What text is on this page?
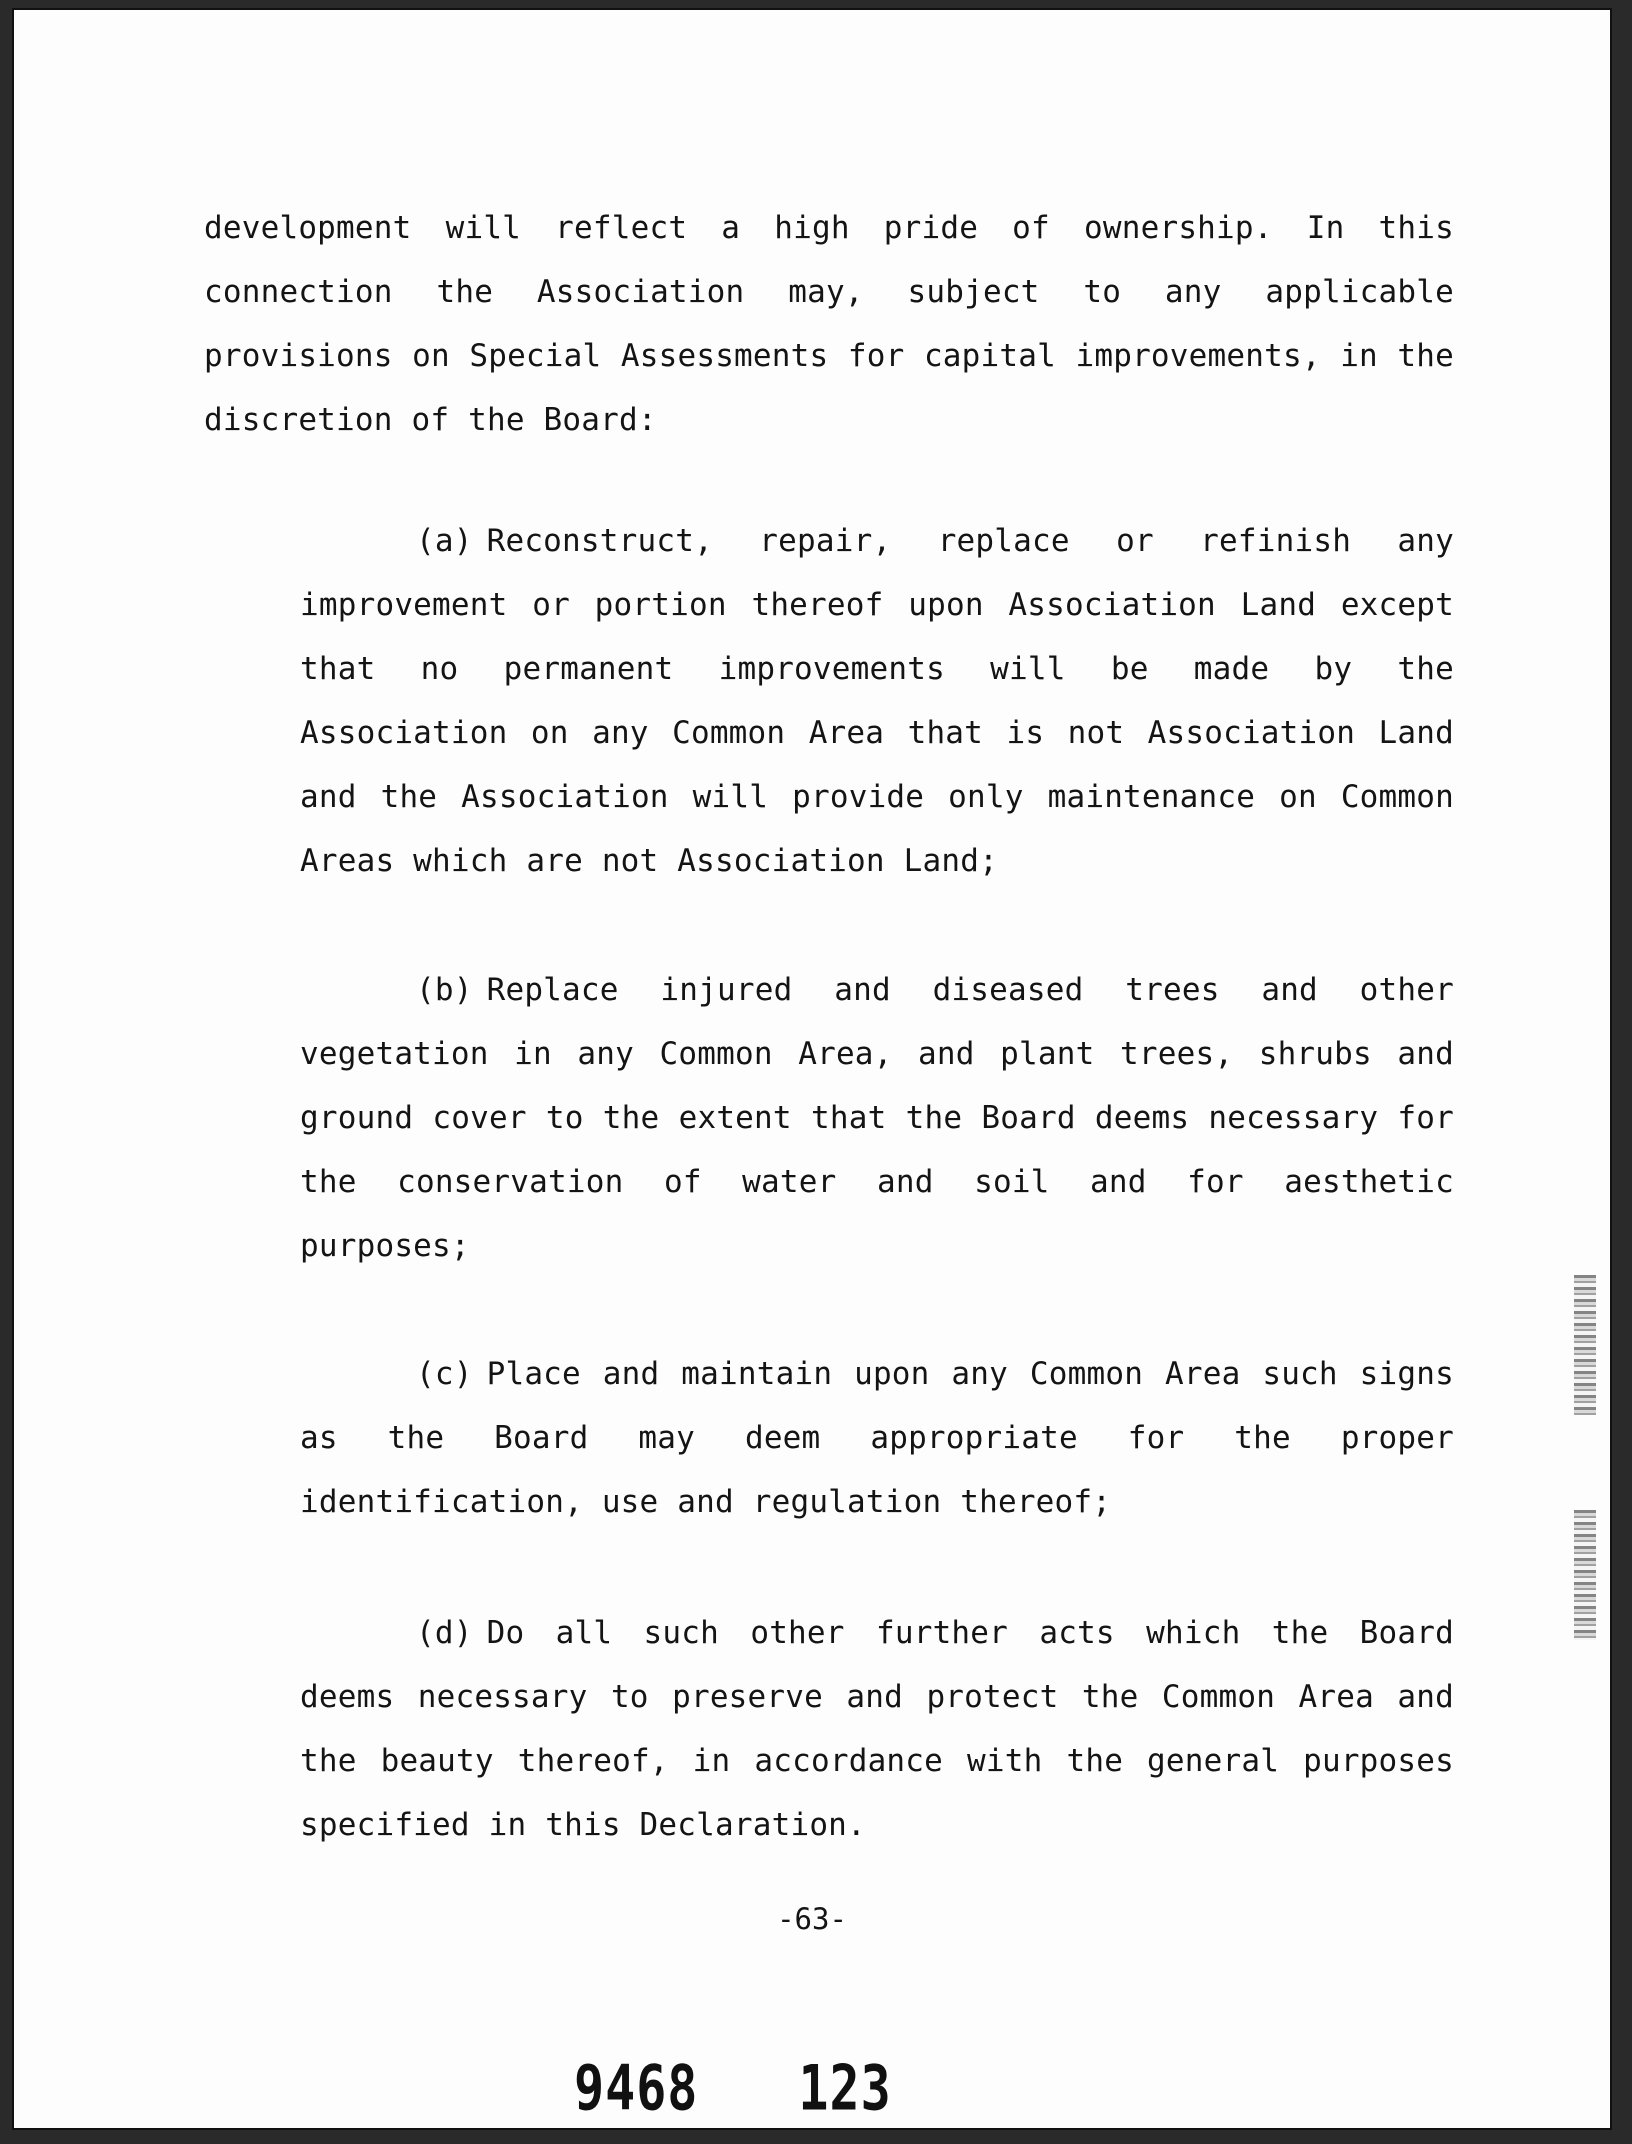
development will reflect a high pride of ownership. In this connection the Association may, subject to any applicable provisions on Special Assessments for capital improvements, in the discretion of the Board:

(a) Reconstruct, repair, replace or refinish any improvement or portion thereof upon Association Land except that no permanent improvements will be made by the Association on any Common Area that is not Association Land and the Association will provide only maintenance on Common Areas which are not Association Land;

(b) Replace injured and diseased trees and other vegetation in any Common Area, and plant trees, shrubs and ground cover to the extent that the Board deems necessary for the conservation of water and soil and for aesthetic purposes;

(c) Place and maintain upon any Common Area such signs as the Board may deem appropriate for the proper identification, use and regulation thereof;

(d) Do all such other further acts which the Board deems necessary to preserve and protect the Common Area and the beauty thereof, in accordance with the general purposes specified in this Declaration.

-63-
9468 123
